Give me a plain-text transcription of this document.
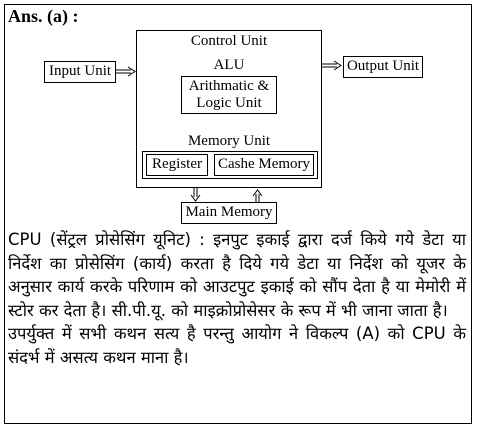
Ans. (a) :
Control Unit
ALU
Arithmatic &
Logic Unit
Memory Unit
Register	Cashe Memory
Input Unit	Output Unit
Main Memory

CPU (सेंट्रल प्रोसेसिंग यूनिट) : इनपुट इकाई द्वारा दर्ज किये गये डेटा या निर्देश का प्रोसेसिंग (कार्य) करता है दिये गये डेटा या निर्देश को यूजर के अनुसार कार्य करके परिणाम को आउटपुट इकाई को सौंप देता है या मेमोरी में स्टोर कर देता है। सी.पी.यू. को माइक्रोप्रोसेसर के रूप में भी जाना जाता है।

उपर्युक्त में सभी कथन सत्य है परन्तु आयोग ने विकल्प (A) को CPU के संदर्भ में असत्य कथन माना है।
